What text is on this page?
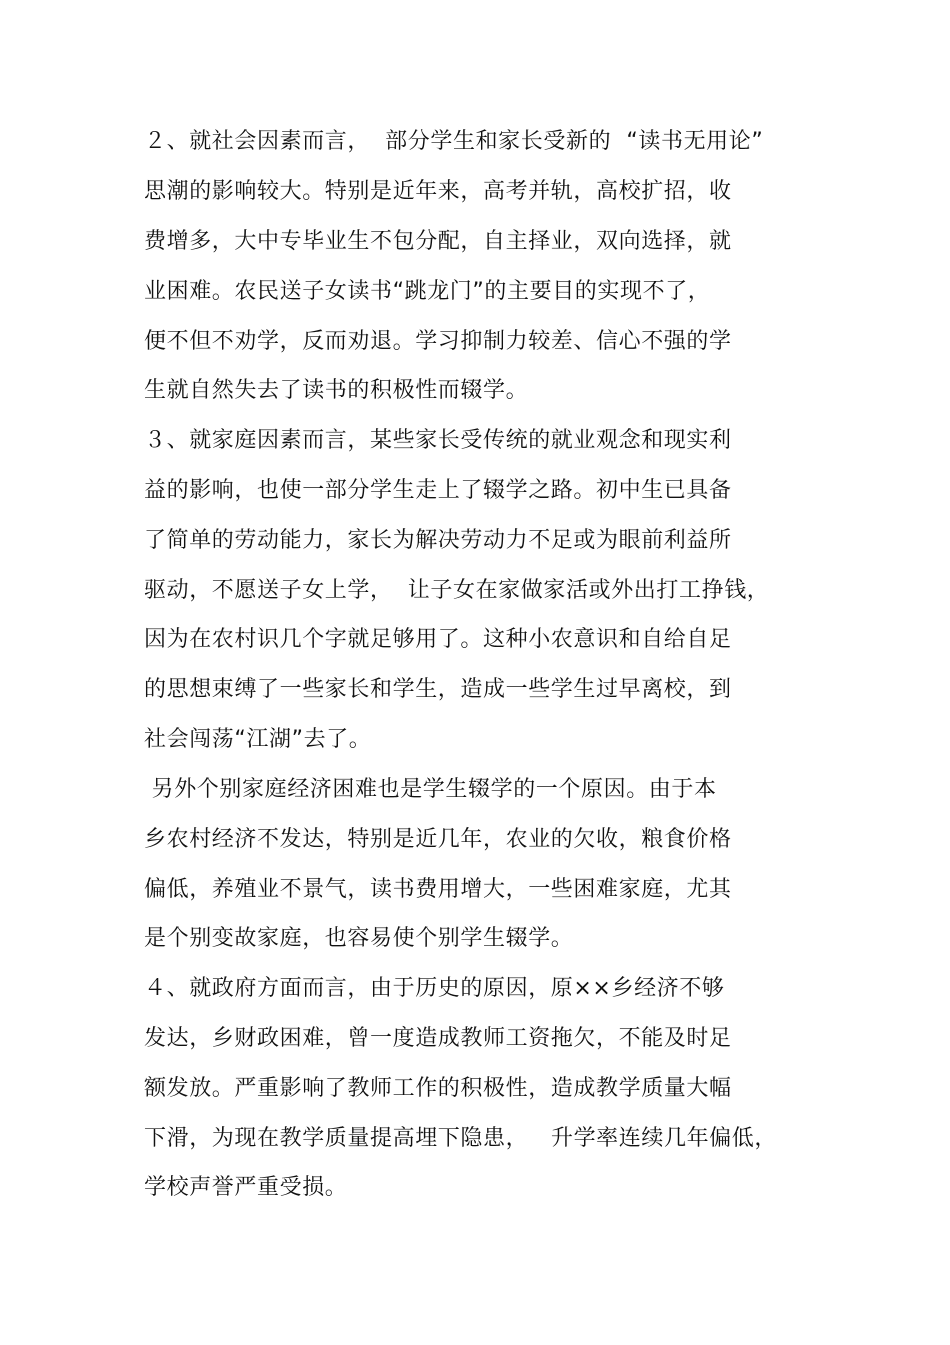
２、就社会因素而言，  部分学生和家长受新的  “读书无用论”
思潮的影响较大。特别是近年来，高考并轨，高校扩招，收
费增多，大中专毕业生不包分配，自主择业，双向选择，就
业困难。农民送子女读书“跳龙门”的主要目的实现不了，
便不但不劝学，反而劝退。学习抑制力较差、信心不强的学
生就自然失去了读书的积极性而辍学。
３、就家庭因素而言，某些家长受传统的就业观念和现实利
益的影响，也使一部分学生走上了辍学之路。初中生已具备
了简单的劳动能力，家长为解决劳动力不足或为眼前利益所
驱动，不愿送子女上学，  让子女在家做家活或外出打工挣钱，
因为在农村识几个字就足够用了。这种小农意识和自给自足
的思想束缚了一些家长和学生，造成一些学生过早离校，到
社会闯荡“江湖”去了。
另外个别家庭经济困难也是学生辍学的一个原因。由于本
乡农村经济不发达，特别是近几年，农业的欠收，粮食价格
偏低，养殖业不景气，读书费用增大，一些困难家庭，尤其
是个别变故家庭，也容易使个别学生辍学。
４、就政府方面而言，由于历史的原因，原××乡经济不够
发达，乡财政困难，曾一度造成教师工资拖欠，不能及时足
额发放。严重影响了教师工作的积极性，造成教学质量大幅
下滑，为现在教学质量提高埋下隐患，   升学率连续几年偏低，
学校声誉严重受损。
